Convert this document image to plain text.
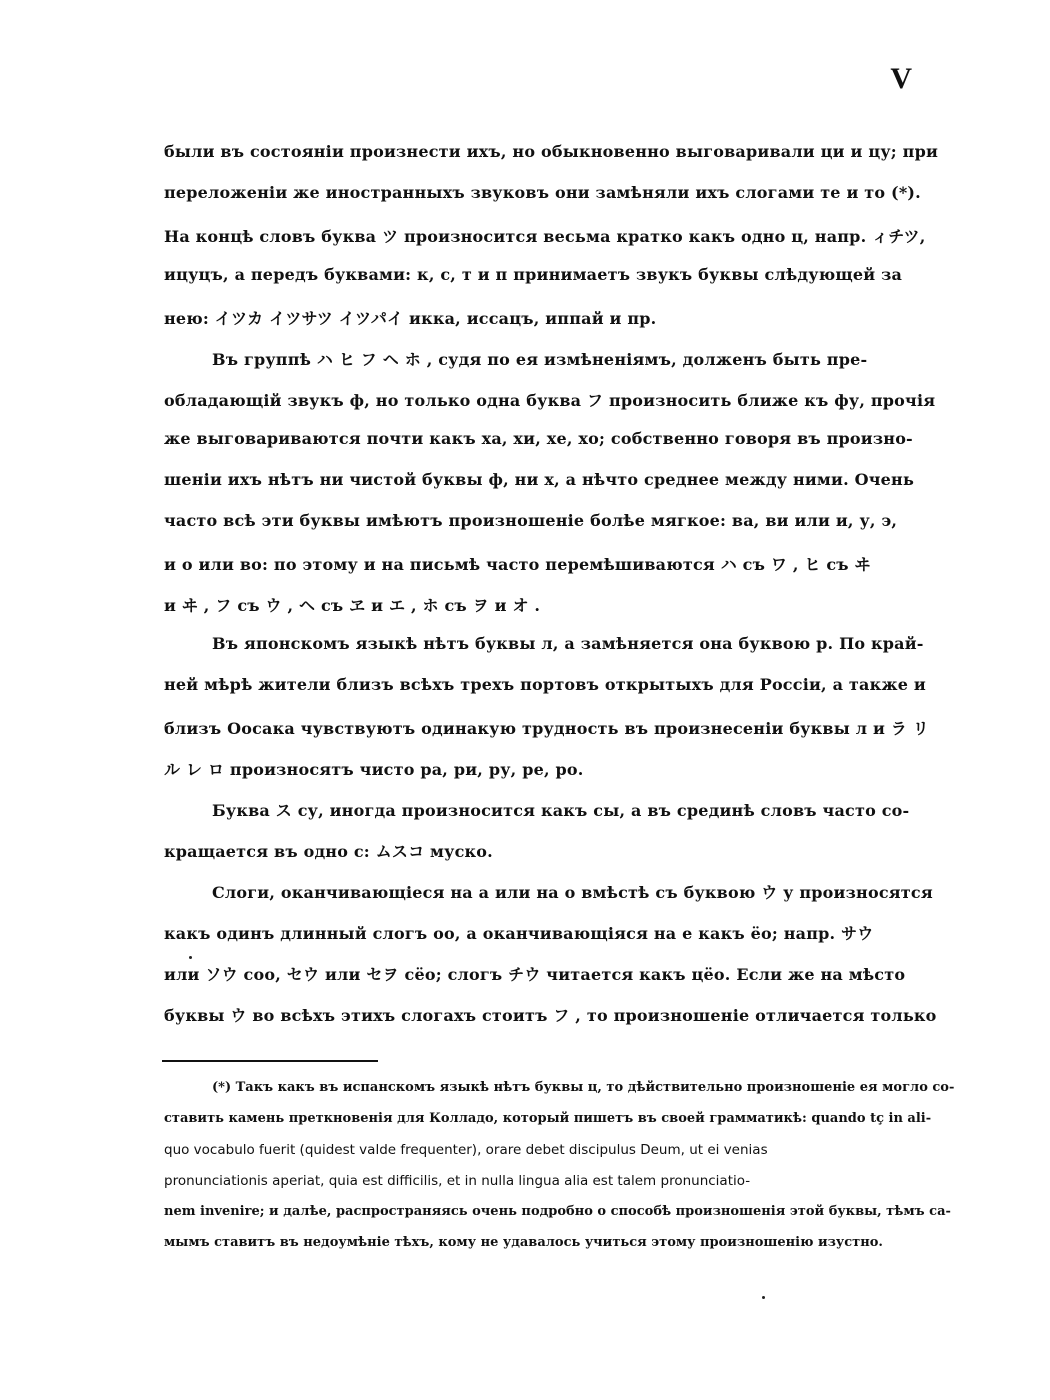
V
были въ состоянiи произнести ихъ, но обыкновенно выговаривали ци и цу; при
переложенiи же иностранныхъ звуковъ они замѣняли ихъ слогами те и то (*).
На концѣ словъ буква ツ произносится весьма кратко какъ одно ц, напр. ィチツ,
ицуцъ, а передъ буквами: к, с, т и п принимаетъ звукъ буквы слѣдующей за
нею: イツカ イツサツ イツパイ икка, иссацъ, иппай и пр.
Въ группѣ ハ ヒ フ ヘ ホ , судя по ея измѣненiямъ, долженъ быть пре-
обладающiй звукъ ф, но только одна буква フ произносить ближе къ фу, прочiя
же выговариваются почти какъ ха, хи, хе, хо; собственно говоря въ произно-
шенiи ихъ нѣтъ ни чистой буквы ф, ни х, а нѣчто среднее между ними. Очень
часто всѣ эти буквы имѣютъ произношенiе болѣе мягкое: ва, ви или и, у, э,
и о или во: по этому и на письмѣ часто перемѣшиваются ハ съ ワ , ヒ съ ヰ
и ヰ , フ съ ウ , ヘ съ ヱ и エ , ホ съ ヲ и オ .
Въ японскомъ языкѣ нѣтъ буквы л, а замѣняется она буквою р. По край-
ней мѣрѣ жители близъ всѣхъ трехъ портовъ открытыхъ для Россiи, а также и
близъ Оосака чувствуютъ одинакую трудность въ произнесенiи буквы л и ラ リ
ル レ ロ произносятъ чисто ра, ри, ру, ре, ро.
Буква ス су, иногда произносится какъ сы, а въ срединѣ словъ часто со-
кращается въ одно с: ムスコ муско.
Слоги, оканчивающiеся на а или на о вмѣстѣ съ буквою ウ у произносятся
какъ одинъ длинный слогъ оо, а оканчивающiяся на е какъ ёо; напр. サウ
или ソウ соо, セウ или セヲ сёо; слогъ チウ читается какъ цёо. Если же на мѣсто
буквы ウ во всѣхъ этихъ слогахъ стоитъ フ , то произношенiе отличается только
(*) Такъ какъ въ испанскомъ языкѣ нѣтъ буквы ц, то дѣйствительно произношенiе ея могло со-
ставить камень преткновенiя для Колладо, который пишетъ въ своей грамматикѣ: quando tç in ali-
quo vocabulo fuerit (quidest valde frequenter), orare debet discipulus Deum, ut ei venias
pronunciationis aperiat, quia est difficilis, et in nulla lingua alia est talem pronunciatio-
nem invenire; и далѣе, распространяясь очень подробно о способѣ произношенiя этой буквы, тѣмъ са-
мымъ ставитъ въ недоумѣнiе тѣхъ, кому не удавалось учиться этому произношенiю изустно.
